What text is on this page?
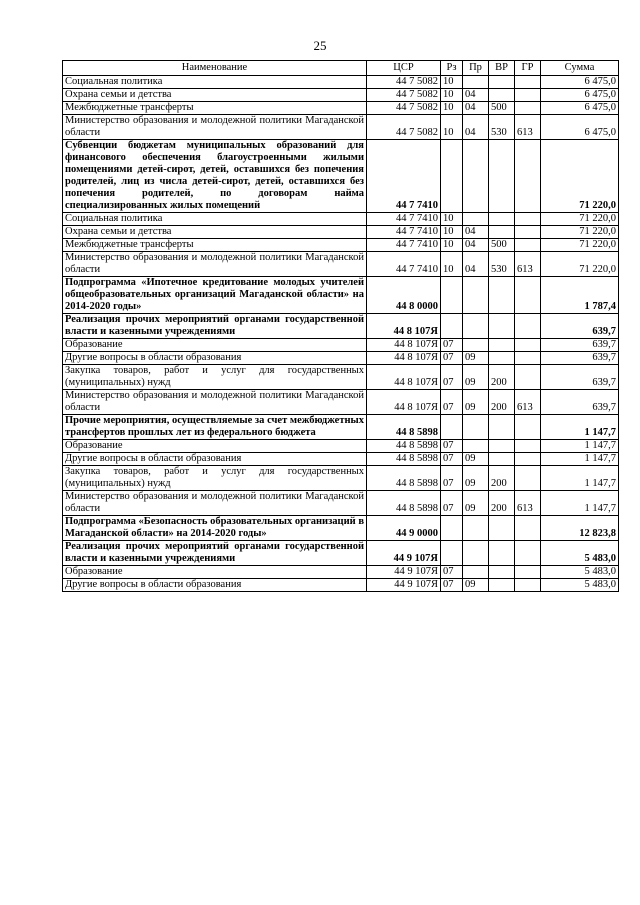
25
Наименование	ЦСР	Рз	Пр	ВР	ГР	Сумма
Социальная политика	44 7 5082	10				6 475,0
Охрана семьи и детства	44 7 5082	10	04			6 475,0
Межбюджетные трансферты	44 7 5082	10	04	500		6 475,0
Министерство образования и молодежной политики Магаданской области	44 7 5082	10	04	530	613	6 475,0
Субвенции бюджетам муниципальных образований для финансового обеспечения благоустроенными жилыми помещениями детей-сирот, детей, оставшихся без попечения родителей, лиц из числа детей-сирот, детей, оставшихся без попечения родителей, по договорам найма специализированных жилых помещений	44 7 7410					71 220,0
Социальная политика	44 7 7410	10				71 220,0
Охрана семьи и детства	44 7 7410	10	04			71 220,0
Межбюджетные трансферты	44 7 7410	10	04	500		71 220,0
Министерство образования и молодежной политики Магаданской области	44 7 7410	10	04	530	613	71 220,0
Подпрограмма «Ипотечное кредитование молодых учителей общеобразовательных организаций Магаданской области» на 2014-2020 годы»	44 8 0000					1 787,4
Реализация прочих мероприятий органами государственной власти и казенными учреждениями	44 8 107Я					639,7
Образование	44 8 107Я	07				639,7
Другие вопросы в области образования	44 8 107Я	07	09			639,7
Закупка товаров, работ и услуг для государственных (муниципальных) нужд	44 8 107Я	07	09	200		639,7
Министерство образования и молодежной политики Магаданской области	44 8 107Я	07	09	200	613	639,7
Прочие мероприятия, осуществляемые за счет межбюджетных трансфертов прошлых лет из федерального бюджета	44 8 5898					1 147,7
Образование	44 8 5898	07				1 147,7
Другие вопросы в области образования	44 8 5898	07	09			1 147,7
Закупка товаров, работ и услуг для государственных (муниципальных) нужд	44 8 5898	07	09	200		1 147,7
Министерство образования и молодежной политики Магаданской области	44 8 5898	07	09	200	613	1 147,7
Подпрограмма «Безопасность образовательных организаций в Магаданской области» на 2014-2020 годы»	44 9 0000					12 823,8
Реализация прочих мероприятий органами государственной власти и казенными учреждениями	44 9 107Я					5 483,0
Образование	44 9 107Я	07				5 483,0
Другие вопросы в области образования	44 9 107Я	07	09			5 483,0
